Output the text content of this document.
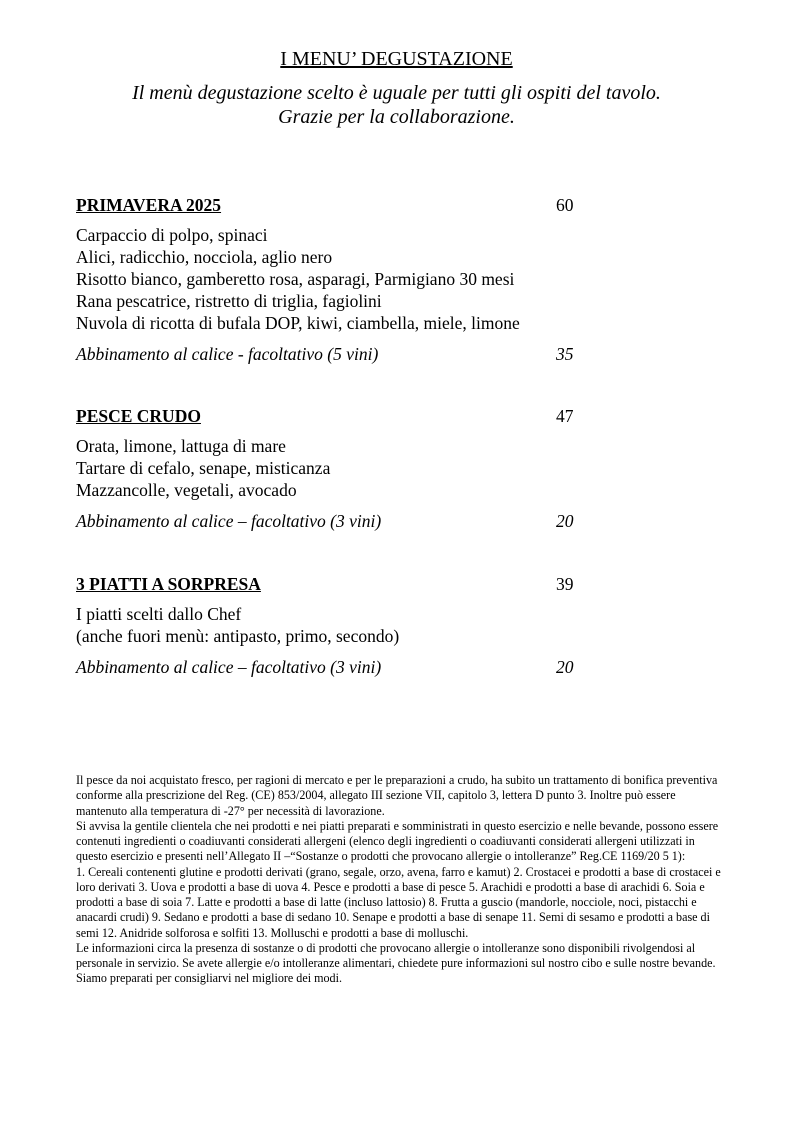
I MENU’ DEGUSTAZIONE
Il menù degustazione scelto è uguale per tutti gli ospiti del tavolo.
Grazie per la collaborazione.
PRIMAVERA 2025	60
Carpaccio di polpo, spinaci
Alici, radicchio, nocciola, aglio nero
Risotto bianco, gamberetto rosa, asparagi, Parmigiano 30 mesi
Rana pescatrice, ristretto di triglia, fagiolini
Nuvola di ricotta di bufala DOP, kiwi, ciambella, miele, limone
Abbinamento al calice - facoltativo (5 vini)	35
PESCE CRUDO	47
Orata, limone, lattuga di mare
Tartare di cefalo, senape, misticanza
Mazzancolle, vegetali, avocado
Abbinamento al calice – facoltativo (3 vini)	20
3 PIATTI A SORPRESA	39
I piatti scelti dallo Chef
(anche fuori menù: antipasto, primo, secondo)
Abbinamento al calice – facoltativo (3 vini)	20

Il pesce da noi acquistato fresco, per ragioni di mercato e per le preparazioni a crudo, ha subito un trattamento di bonifica preventiva conforme alla prescrizione del Reg. (CE) 853/2004, allegato III sezione VII, capitolo 3, lettera D punto 3. Inoltre può essere mantenuto alla temperatura di -27° per necessità di lavorazione.

Si avvisa la gentile clientela che nei prodotti e nei piatti preparati e somministrati in questo esercizio e nelle bevande, possono essere contenuti ingredienti o coadiuvanti considerati allergeni (elenco degli ingredienti o coadiuvanti considerati allergeni utilizzati in questo esercizio e presenti nell’Allegato II –“Sostanze o prodotti che provocano allergie o intolleranze” Reg.CE 1169/20 5 1):

1. Cereali contenenti glutine e prodotti derivati (grano, segale, orzo, avena, farro e kamut) 2. Crostacei e prodotti a base di crostacei e loro derivati 3. Uova e prodotti a base di uova 4. Pesce e prodotti a base di pesce 5. Arachidi e prodotti a base di arachidi 6. Soia e prodotti a base di soia 7. Latte e prodotti a base di latte (incluso lattosio) 8. Frutta a guscio (mandorle, nocciole, noci, pistacchi e anacardi crudi) 9. Sedano e prodotti a base di sedano 10. Senape e prodotti a base di senape 11. Semi di sesamo e prodotti a base di semi 12. Anidride solforosa e solfiti 13. Molluschi e prodotti a base di molluschi.

Le informazioni circa la presenza di sostanze o di prodotti che provocano allergie o intolleranze sono disponibili rivolgendosi al personale in servizio. Se avete allergie e/o intolleranze alimentari, chiedete pure informazioni sul nostro cibo e sulle nostre bevande. Siamo preparati per consigliarvi nel migliore dei modi.
